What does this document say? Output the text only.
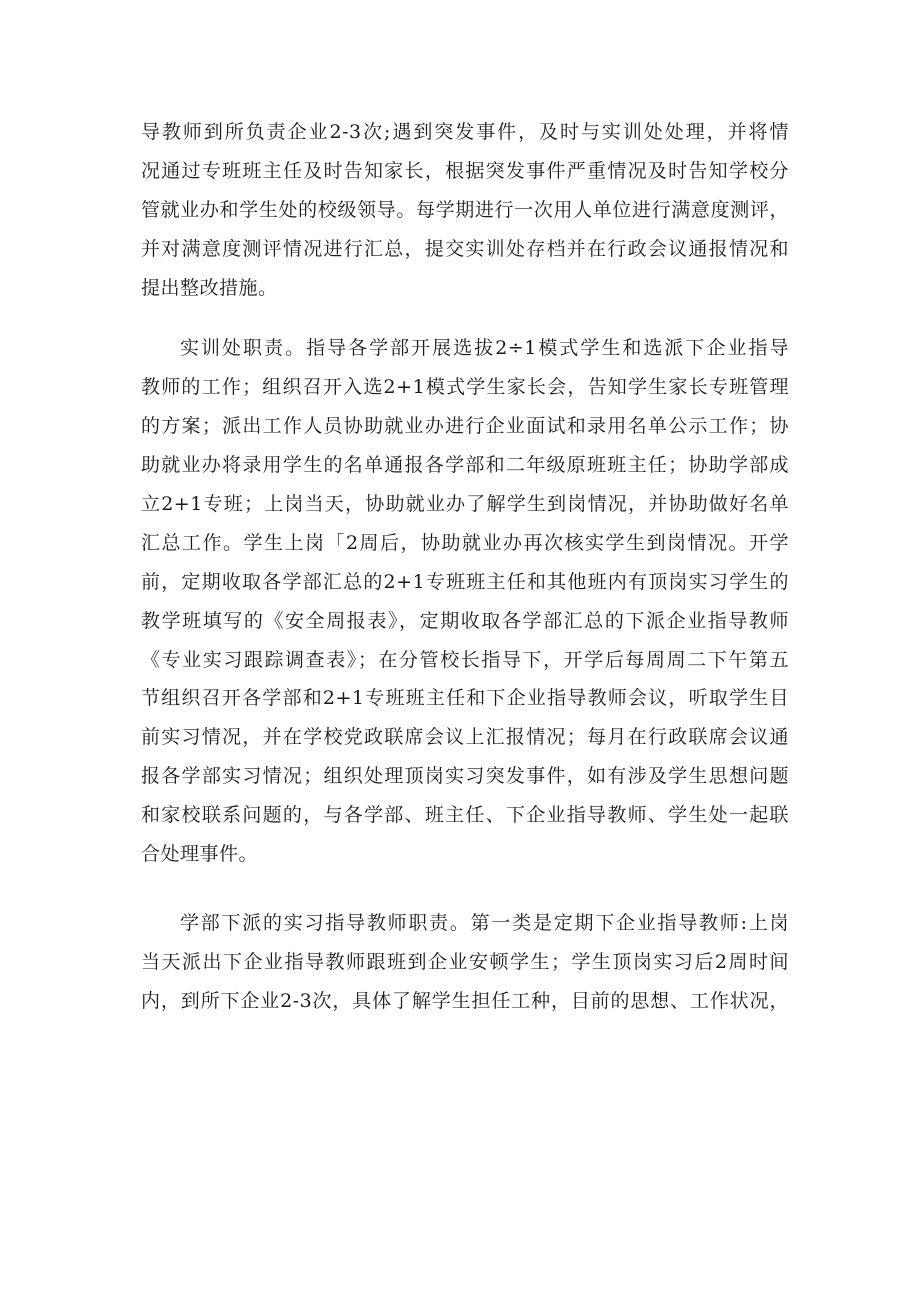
导教师到所负责企业2-3次;遇到突发事件，及时与实训处处理，并将情
况通过专班班主任及时告知家长，根据突发事件严重情况及时告知学校分
管就业办和学生处的校级领导。每学期进行一次用人单位进行满意度测评，
并对满意度测评情况进行汇总，提交实训处存档并在行政会议通报情况和
提出整改措施。
实训处职责。指导各学部开展选拔2÷1模式学生和选派下企业指导
教师的工作；组织召开入选2+1模式学生家长会，告知学生家长专班管理
的方案；派出工作人员协助就业办进行企业面试和录用名单公示工作；协
助就业办将录用学生的名单通报各学部和二年级原班班主任；协助学部成
立2+1专班；上岗当天，协助就业办了解学生到岗情况，并协助做好名单
汇总工作。学生上岗「2周后，协助就业办再次核实学生到岗情况。开学
前，定期收取各学部汇总的2+1专班班主任和其他班内有顶岗实习学生的
教学班填写的《安全周报表》，定期收取各学部汇总的下派企业指导教师
《专业实习跟踪调查表》；在分管校长指导下，开学后每周周二下午第五
节组织召开各学部和2+1专班班主任和下企业指导教师会议，听取学生目
前实习情况，并在学校党政联席会议上汇报情况；每月在行政联席会议通
报各学部实习情况；组织处理顶岗实习突发事件，如有涉及学生思想问题
和家校联系问题的，与各学部、班主任、下企业指导教师、学生处一起联
合处理事件。
学部下派的实习指导教师职责。第一类是定期下企业指导教师:上岗
当天派出下企业指导教师跟班到企业安顿学生；学生顶岗实习后2周时间
内，到所下企业2-3次，具体了解学生担任工种，目前的思想、工作状况，
